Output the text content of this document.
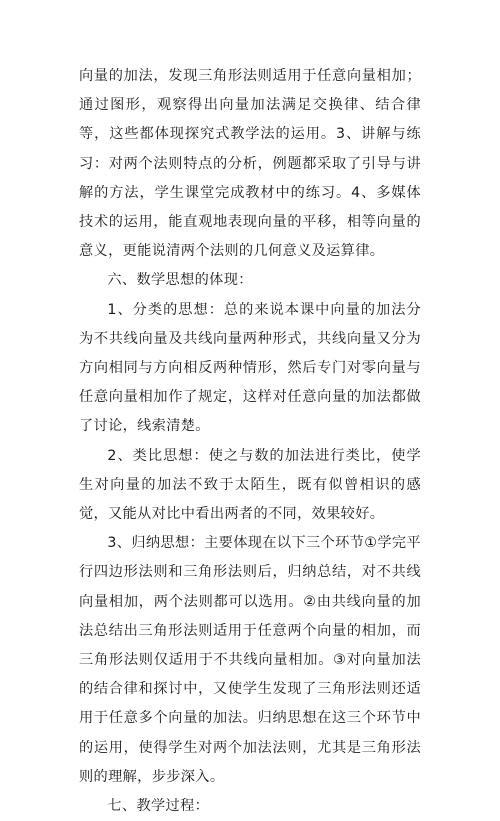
向量的加法，发现三角形法则适用于任意向量相加；通过图形，观察得出向量加法满足交换律、结合律等，这些都体现探究式教学法的运用。3、讲解与练习：对两个法则特点的分析，例题都采取了引导与讲解的方法，学生课堂完成教材中的练习。4、多媒体技术的运用，能直观地表现向量的平移，相等向量的意义，更能说清两个法则的几何意义及运算律。

六、数学思想的体现：

1、分类的思想：总的来说本课中向量的加法分为不共线向量及共线向量两种形式，共线向量又分为方向相同与方向相反两种情形，然后专门对零向量与任意向量相加作了规定，这样对任意向量的加法都做了讨论，线索清楚。

2、类比思想：使之与数的加法进行类比，使学生对向量的加法不致于太陌生，既有似曾相识的感觉，又能从对比中看出两者的不同，效果较好。

3、归纳思想：主要体现在以下三个环节①学完平行四边形法则和三角形法则后，归纳总结，对不共线向量相加，两个法则都可以选用。②由共线向量的加法总结出三角形法则适用于任意两个向量的相加，而三角形法则仅适用于不共线向量相加。③对向量加法的结合律和探讨中，又使学生发现了三角形法则还适用于任意多个向量的加法。归纳思想在这三个环节中的运用，使得学生对两个加法法则，尤其是三角形法则的理解，步步深入。

七、教学过程：
